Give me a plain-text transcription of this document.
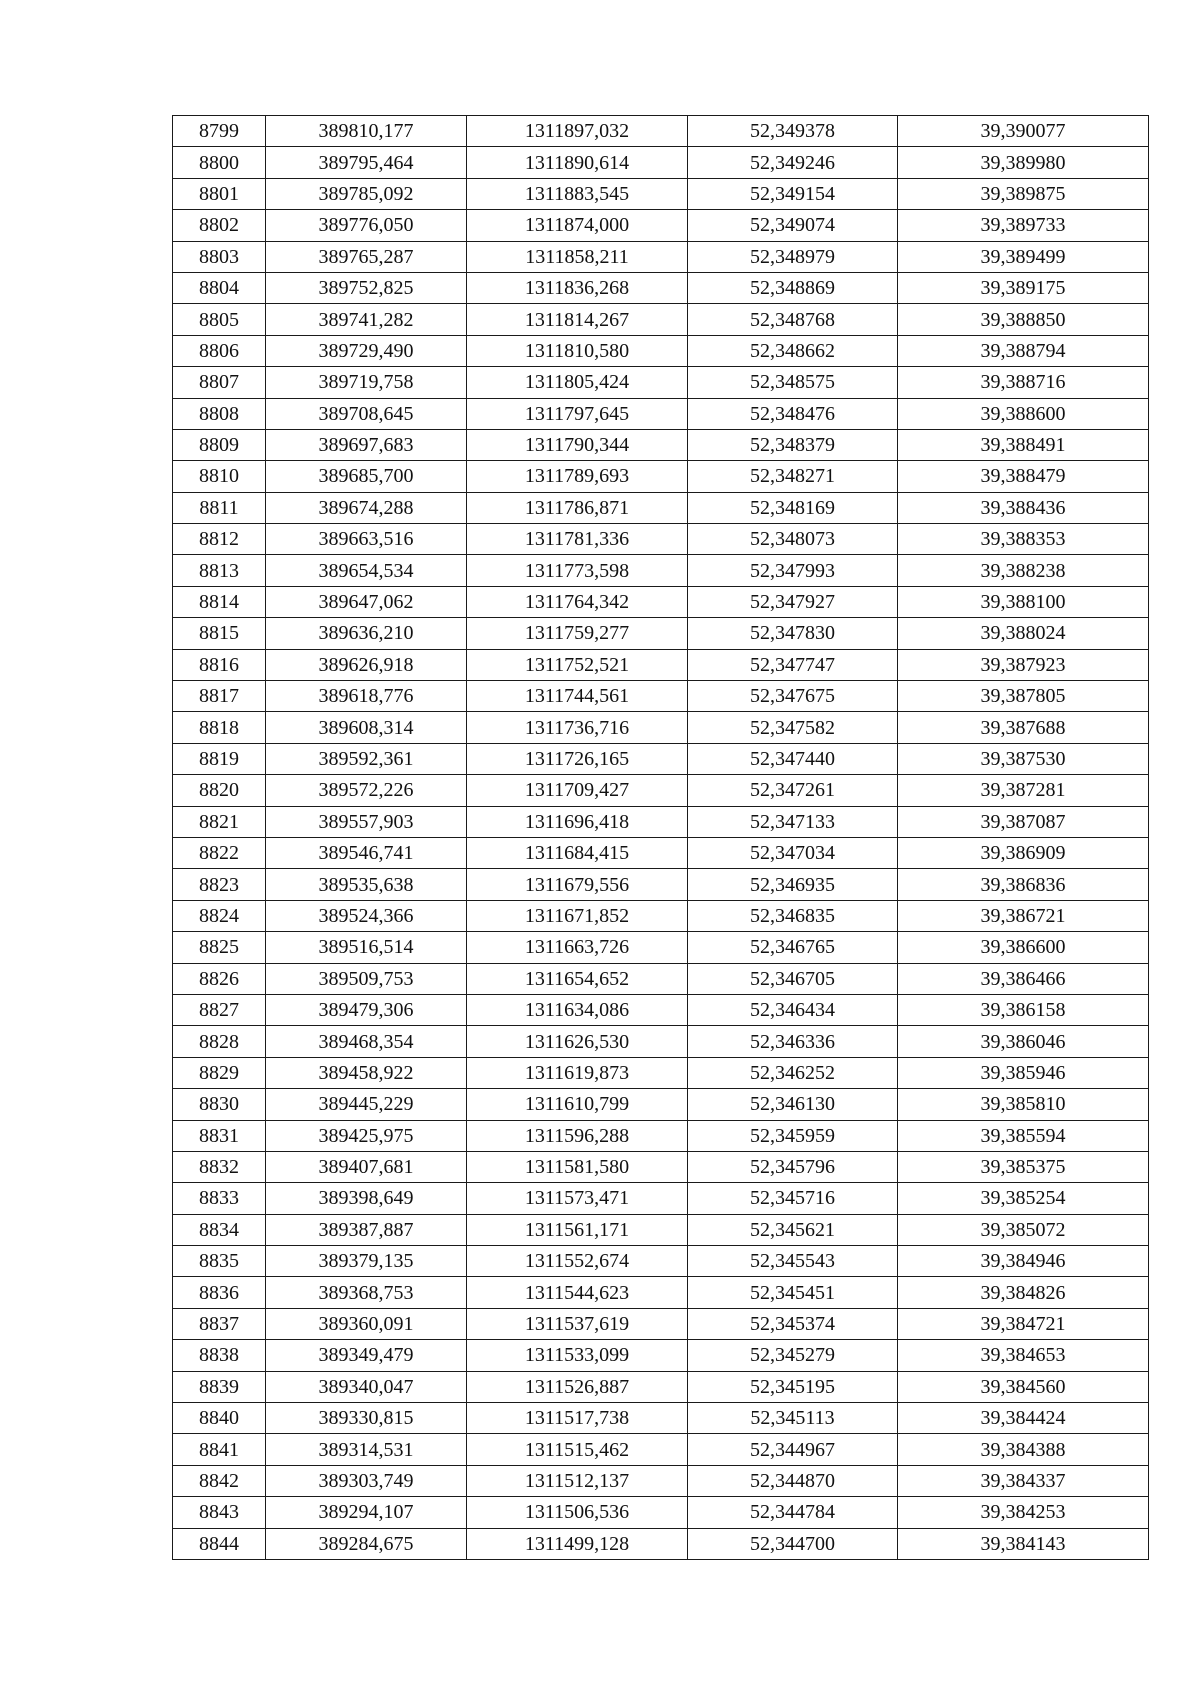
8799	389810,177	1311897,032	52,349378	39,390077
8800	389795,464	1311890,614	52,349246	39,389980
8801	389785,092	1311883,545	52,349154	39,389875
8802	389776,050	1311874,000	52,349074	39,389733
8803	389765,287	1311858,211	52,348979	39,389499
8804	389752,825	1311836,268	52,348869	39,389175
8805	389741,282	1311814,267	52,348768	39,388850
8806	389729,490	1311810,580	52,348662	39,388794
8807	389719,758	1311805,424	52,348575	39,388716
8808	389708,645	1311797,645	52,348476	39,388600
8809	389697,683	1311790,344	52,348379	39,388491
8810	389685,700	1311789,693	52,348271	39,388479
8811	389674,288	1311786,871	52,348169	39,388436
8812	389663,516	1311781,336	52,348073	39,388353
8813	389654,534	1311773,598	52,347993	39,388238
8814	389647,062	1311764,342	52,347927	39,388100
8815	389636,210	1311759,277	52,347830	39,388024
8816	389626,918	1311752,521	52,347747	39,387923
8817	389618,776	1311744,561	52,347675	39,387805
8818	389608,314	1311736,716	52,347582	39,387688
8819	389592,361	1311726,165	52,347440	39,387530
8820	389572,226	1311709,427	52,347261	39,387281
8821	389557,903	1311696,418	52,347133	39,387087
8822	389546,741	1311684,415	52,347034	39,386909
8823	389535,638	1311679,556	52,346935	39,386836
8824	389524,366	1311671,852	52,346835	39,386721
8825	389516,514	1311663,726	52,346765	39,386600
8826	389509,753	1311654,652	52,346705	39,386466
8827	389479,306	1311634,086	52,346434	39,386158
8828	389468,354	1311626,530	52,346336	39,386046
8829	389458,922	1311619,873	52,346252	39,385946
8830	389445,229	1311610,799	52,346130	39,385810
8831	389425,975	1311596,288	52,345959	39,385594
8832	389407,681	1311581,580	52,345796	39,385375
8833	389398,649	1311573,471	52,345716	39,385254
8834	389387,887	1311561,171	52,345621	39,385072
8835	389379,135	1311552,674	52,345543	39,384946
8836	389368,753	1311544,623	52,345451	39,384826
8837	389360,091	1311537,619	52,345374	39,384721
8838	389349,479	1311533,099	52,345279	39,384653
8839	389340,047	1311526,887	52,345195	39,384560
8840	389330,815	1311517,738	52,345113	39,384424
8841	389314,531	1311515,462	52,344967	39,384388
8842	389303,749	1311512,137	52,344870	39,384337
8843	389294,107	1311506,536	52,344784	39,384253
8844	389284,675	1311499,128	52,344700	39,384143
